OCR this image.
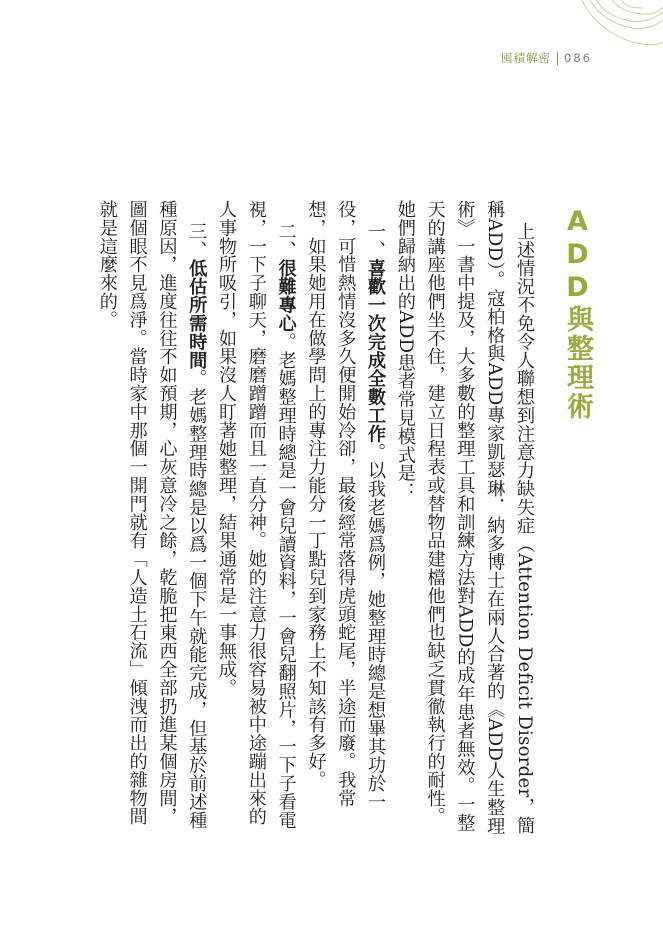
囤積解密 086
ADD與整理術

上述情況不免令人聯想到注意力缺失症（Attention Deficit Disorder，簡稱ADD）。寇柏格與ADD專家凱瑟琳．納多博士在兩人合著的《ADD人生整理術》一書中提及，大多數的整理工具和訓練方法對ADD的成年患者無效。一整天的講座他們坐不住，建立日程表或替物品建檔他們也缺乏貫徹執行的耐性。她們歸納出的ADD患者常見模式是：

一、喜歡一次完成全數工作。以我老媽爲例，她整理時總是想畢其功於一役，可惜熱情沒多久便開始冷卻，最後經常落得虎頭蛇尾，半途而廢。我常想，如果她用在做學問上的專注力能分一丁點兒到家務上不知該有多好。

二、很難專心。老媽整理時總是一會兒讀資料，一會兒翻照片，一下子看電視，一下子聊天，磨磨蹭蹭而且一直分神。她的注意力很容易被中途蹦出來的人事物所吸引，如果沒人盯著她整理，結果通常是一事無成。

三、低估所需時間。老媽整理時總是以爲一個下午就能完成，但基於前述種種原因，進度往往不如預期，心灰意冷之餘，乾脆把東西全部扔進某個房間，圖個眼不見爲淨。當時家中那個一開門就有「人造土石流」傾洩而出的雜物間就是這麼來的。
